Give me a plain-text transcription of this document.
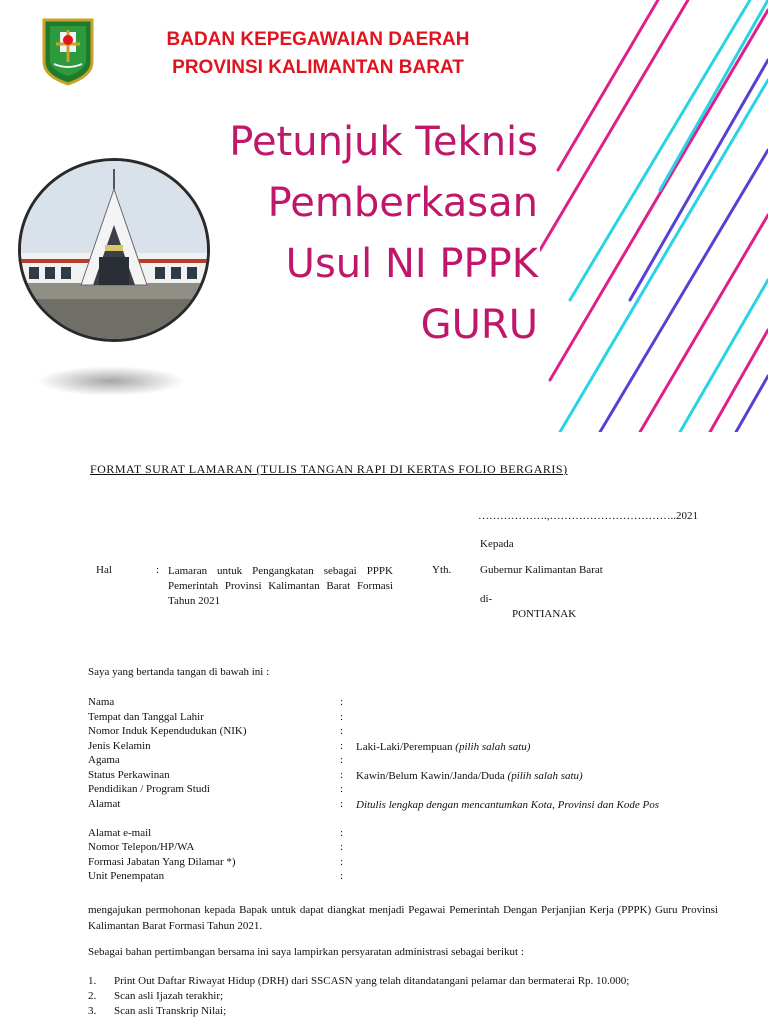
BADAN KEPEGAWAIAN DAERAH
PROVINSI KALIMANTAN BARAT
Petunjuk Teknis
Pemberkasan
Usul NI PPPK
GURU
FORMAT SURAT LAMARAN (TULIS TANGAN RAPI DI KERTAS FOLIO BERGARIS)
……………….,……………………………..2021
Kepada
Hal	: Lamaran untuk Pengangkatan sebagai PPPK Pemerintah Provinsi Kalimantan Barat Formasi Tahun 2021
Yth.	Gubernur Kalimantan Barat
di-
PONTIANAK
Saya yang bertanda tangan di bawah ini :
Nama	:
Tempat dan Tanggal Lahir	:
Nomor Induk Kependudukan (NIK)	:
Jenis Kelamin	: Laki-Laki/Perempuan (pilih salah satu)
Agama	:
Status Perkawinan	: Kawin/Belum Kawin/Janda/Duda (pilih salah satu)
Pendidikan / Program Studi	:
Alamat	: Ditulis lengkap dengan mencantumkan Kota, Provinsi dan Kode Pos
Alamat e-mail	:
Nomor Telepon/HP/WA	:
Formasi Jabatan Yang Dilamar *)	:
Unit Penempatan	:
mengajukan permohonan kepada Bapak untuk dapat diangkat menjadi Pegawai Pemerintah Dengan Perjanjian Kerja (PPPK) Guru Provinsi Kalimantan Barat Formasi Tahun 2021.
Sebagai bahan pertimbangan bersama ini saya lampirkan persyaratan administrasi sebagai berikut :
1. Print Out Daftar Riwayat Hidup (DRH) dari SSCASN yang telah ditandatangani pelamar dan bermaterai Rp. 10.000;
2. Scan asli Ijazah terakhir;
3. Scan asli Transkrip Nilai;
